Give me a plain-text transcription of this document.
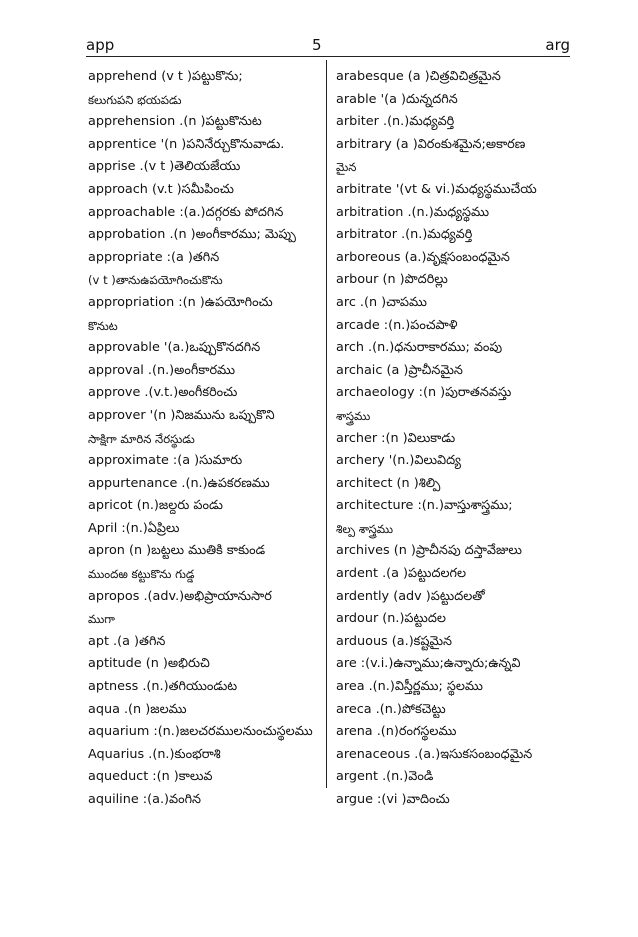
app	5	arg
apprehend (v t )పట్టుకొను;
కలుగుపని భయపడు
apprehension .(n )పట్టుకొనుట
apprentice '(n )పనినేర్చుకొనువాడు.
apprise .(v t )తెలియజేయు
approach (v.t )సమీపించు
approachable :(a.)దగ్గరకు పోదగిన
approbation .(n )అంగీకారము; మెప్పు
appropriate :(a )తగిన
(v t )తానుఉపయోగించుకొను
appropriation :(n )ఉపయోగించు
కొనుట
approvable '(a.)ఒప్పుకొనదగిన
approval .(n.)అంగీకారము
approve .(v.t.)అంగీకరించు
approver '(n )నిజమును ఒప్పుకొని
సాక్షిగా మారిన నేరస్థుడు
approximate :(a )సుమారు
appurtenance .(n.)ఉపకరణము
apricot (n.)జల్దరు పండు
April :(n.)ఏప్రిలు
apron (n )బట్టలు ముతికి కాకుండ
ముందఱ కట్టుకొను గుడ్డ
apropos .(adv.)అభిప్రాయానుసార
ముగా
apt .(a )తగిన
aptitude (n )అభిరుచి
aptness .(n.)తగియుండుట
aqua .(n )జలము
aquarium :(n.)జలచరములనుంచుస్థలము
Aquarius .(n.)కుంభరాశి
aqueduct :(n )కాలువ
aquiline :(a.)వంగిన
arabesque (a )చిత్రవిచిత్రమైన
arable '(a )దున్నదగిన
arbiter .(n.)మధ్యవర్తి
arbitrary (a )విరంకుశమైన;అకారణ
మైన
arbitrate '(vt & vi.)మధ్యస్థముచేయ
arbitration .(n.)మధ్యస్థము
arbitrator .(n.)మధ్యవర్తి
arboreous (a.)వృక్షసంబంధమైన
arbour (n )పొదరిల్లు
arc .(n )చాపము
arcade :(n.)పంచపాళి
arch .(n.)ధనురాకారము; వంపు
archaic (a )ప్రాచీనమైన
archaeology :(n )పురాతనవస్తు
శాస్త్రము
archer :(n )విలుకాడు
archery '(n.)విలువిద్య
architect (n )శిల్పి
architecture :(n.)వాస్తుశాస్త్రము;
శిల్ప శాస్త్రము
archives (n )ప్రాచీనపు దస్తావేజులు
ardent .(a )పట్టుదలగల
ardently (adv )పట్టుదలతో
ardour (n.)పట్టుదల
arduous (a.)కష్టమైన
are :(v.i.)ఉన్నాము;ఉన్నారు;ఉన్నవి
area .(n.)విస్తీర్ణము; స్థలము
areca .(n.)పోకచెట్టు
arena .(n)రంగస్థలము
arenaceous .(a.)ఇసుకసంబంధమైన
argent .(n.)వెండి
argue :(vi )వాదించు
